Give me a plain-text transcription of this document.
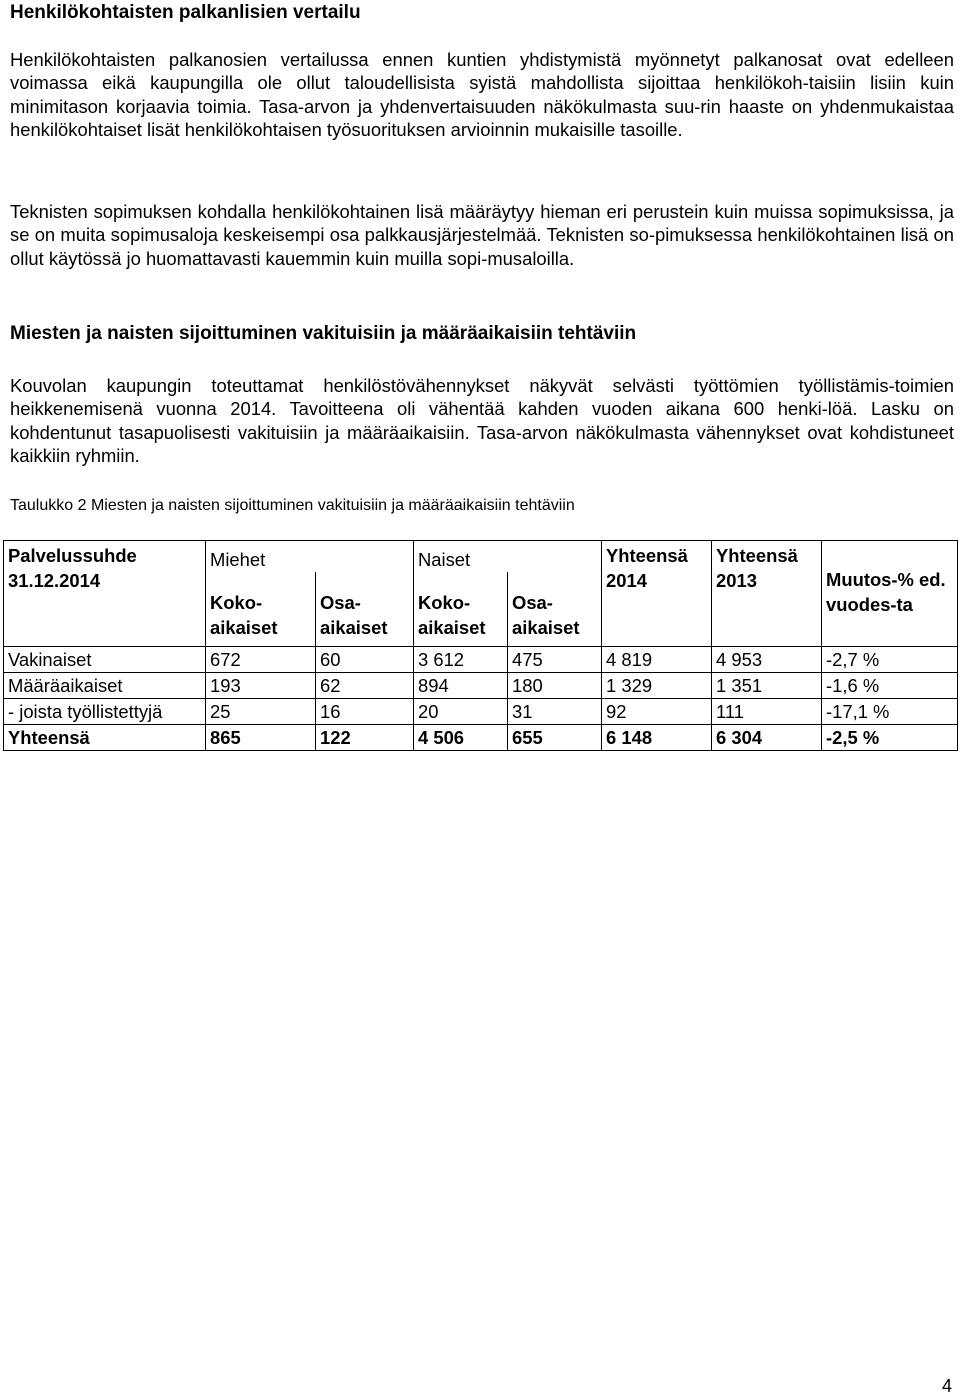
Henkilökohtaisten palkanlisien vertailu

Henkilökohtaisten palkanosien vertailussa ennen kuntien yhdistymistä myönnetyt palkanosat ovat edelleen voimassa eikä kaupungilla ole ollut taloudellisista syistä mahdollista sijoittaa henkilökoh-taisiin lisiin kuin minimitason korjaavia toimia. Tasa-arvon ja yhdenvertaisuuden näkökulmasta suu-rin haaste on yhdenmukaistaa henkilökohtaiset lisät henkilökohtaisen työsuorituksen arvioinnin mukaisille tasoille.

Teknisten sopimuksen kohdalla henkilökohtainen lisä määräytyy hieman eri perustein kuin muissa sopimuksissa, ja se on muita sopimusaloja keskeisempi osa palkkausjärjestelmää. Teknisten so-pimuksessa henkilökohtainen lisä on ollut käytössä jo huomattavasti kauemmin kuin muilla sopi-musaloilla.

Miesten ja naisten sijoittuminen vakituisiin ja määräaikaisiin tehtäviin

Kouvolan kaupungin toteuttamat henkilöstövähennykset näkyvät selvästi työttömien työllistämis-toimien heikkenemisenä vuonna 2014. Tavoitteena oli vähentää kahden vuoden aikana 600 henki-löä. Lasku on kohdentunut tasapuolisesti vakituisiin ja määräaikaisiin. Tasa-arvon näkökulmasta vähennykset ovat kohdistuneet kaikkiin ryhmiin.

Taulukko 2 Miesten ja naisten sijoittuminen vakituisiin ja määräaikaisiin tehtäviin
Palvelussuhde 31.12.2014	Miehet		Naiset		Yhteensä 2014	Yhteensä 2013	Muutos-% ed. vuodes-ta
	Koko-aikaiset	Osa-aikaiset	Koko-aikaiset	Osa-aikaiset			
Vakinaiset	672	60	3 612	475	4 819	4 953	-2,7 %
Määräaikaiset	193	62	894	180	1 329	1 351	-1,6 %
- joista työllistettyjä	25	16	20	31	92	111	-17,1 %
Yhteensä	865	122	4 506	655	6 148	6 304	-2,5 %
4
